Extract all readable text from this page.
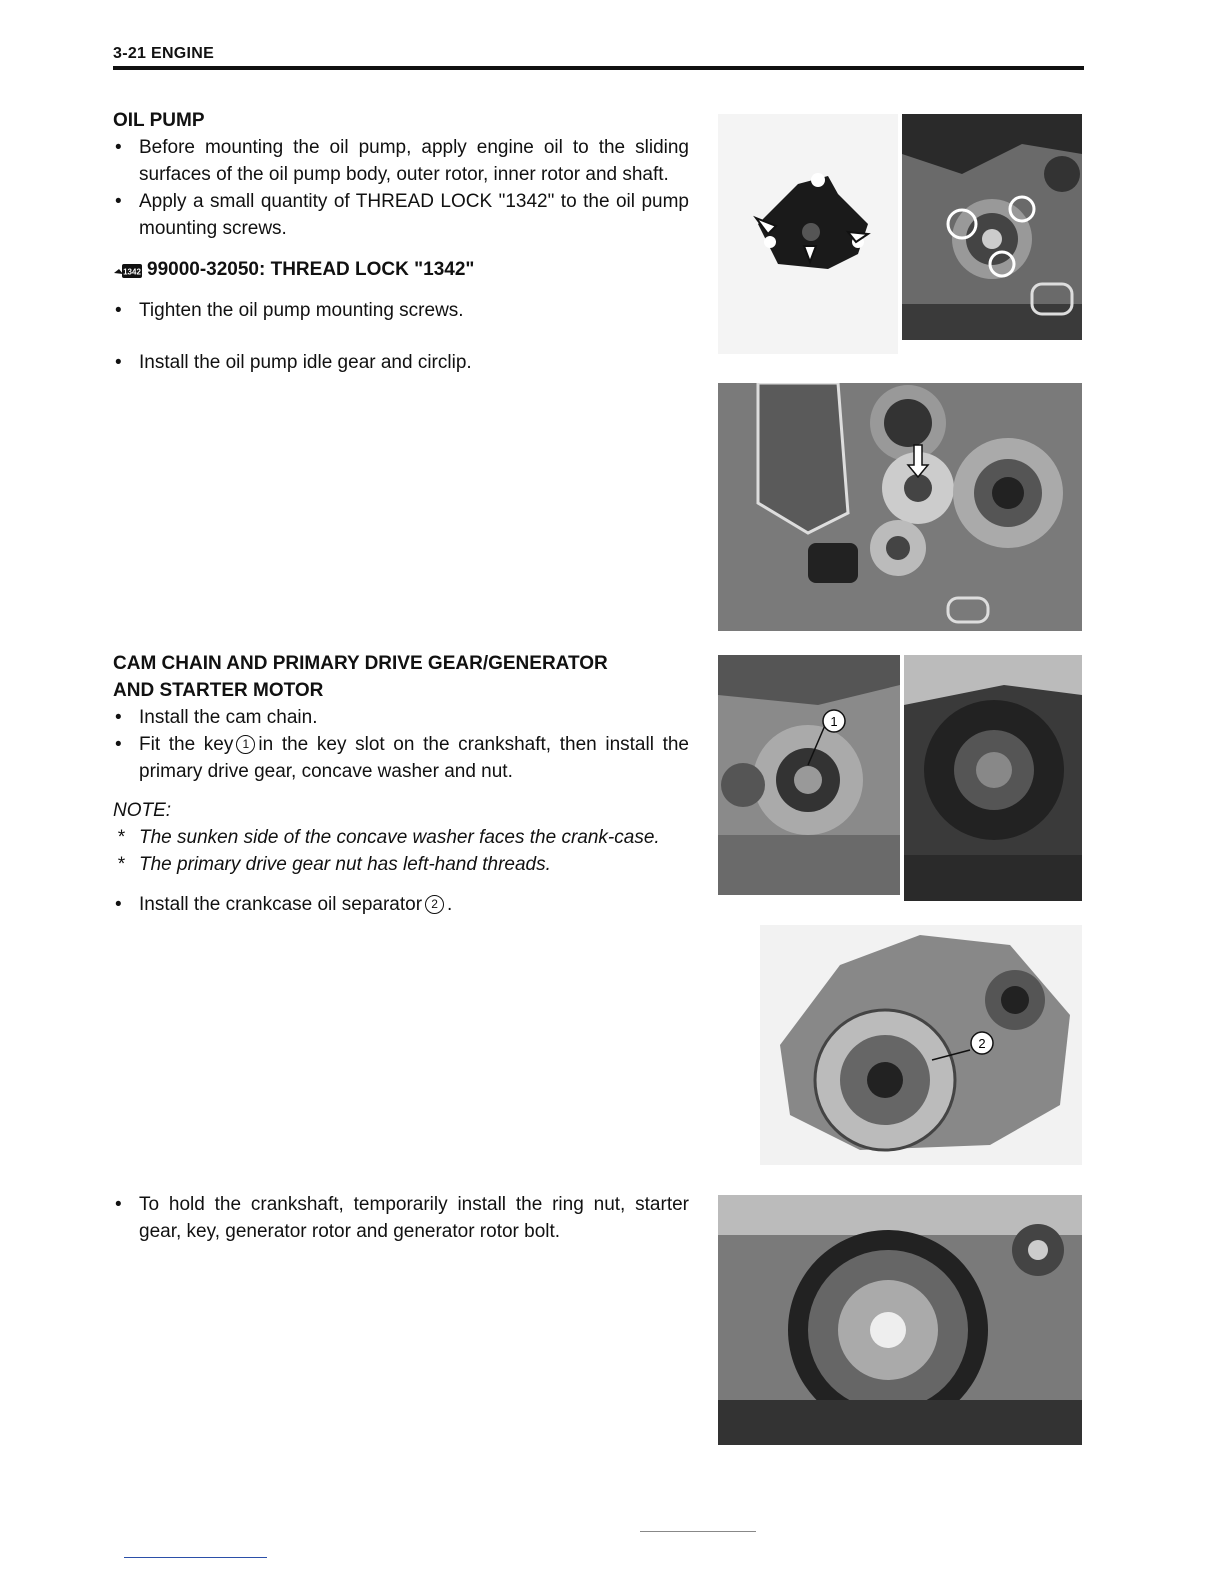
3-21 ENGINE
OIL PUMP
• Before mounting the oil pump, apply engine oil to the sliding surfaces of the oil pump body, outer rotor, inner rotor and shaft.
• Apply a small quantity of THREAD LOCK "1342" to the oil pump mounting screws.
1342 99000-32050: THREAD LOCK "1342"
• Tighten the oil pump mounting screws.
• Install the oil pump idle gear and circlip.
CAM CHAIN AND PRIMARY DRIVE GEAR/GENERATOR
AND STARTER MOTOR
• Install the cam chain.
• Fit the key 1 in the key slot on the crankshaft, then install the primary drive gear, concave washer and nut.
NOTE:
* The sunken side of the concave washer faces the crank-case.
* The primary drive gear nut has left-hand threads.
• Install the crankcase oil separator 2 .
• To hold the crankshaft, temporarily install the ring nut, starter gear, key, generator rotor and generator rotor bolt.
1
2
